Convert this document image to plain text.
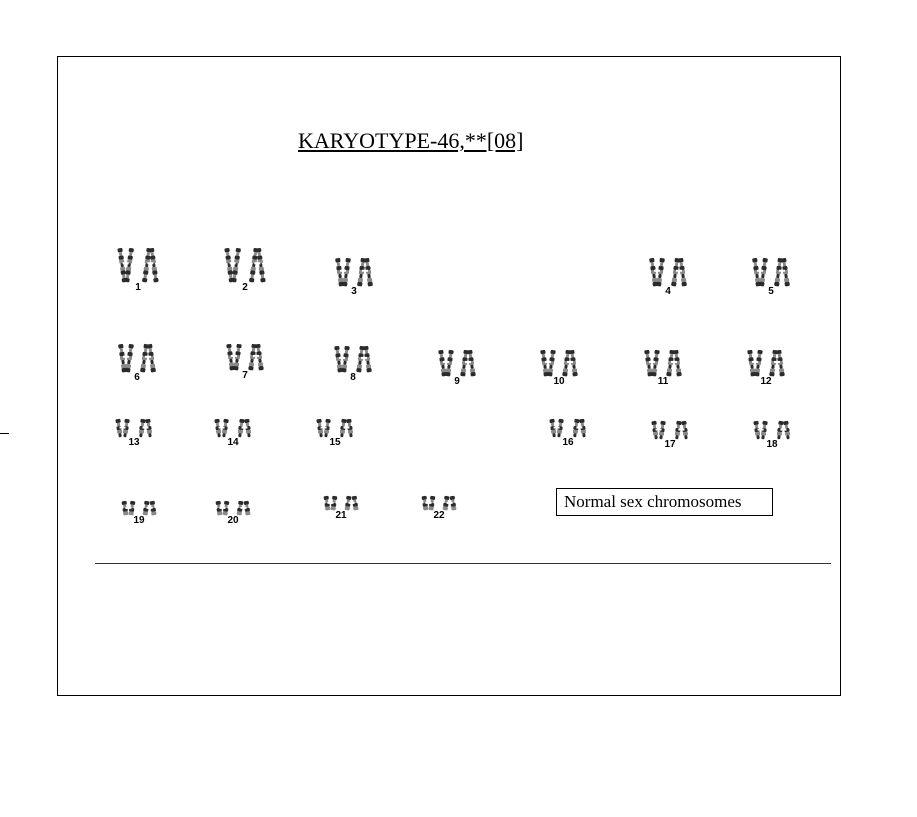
KARYOTYPE-46,**[08]
1	2	3	4	5
6	7	8	9	10	11	12
13	14	15	16	17	18
19	20	21	22
Normal sex chromosomes
